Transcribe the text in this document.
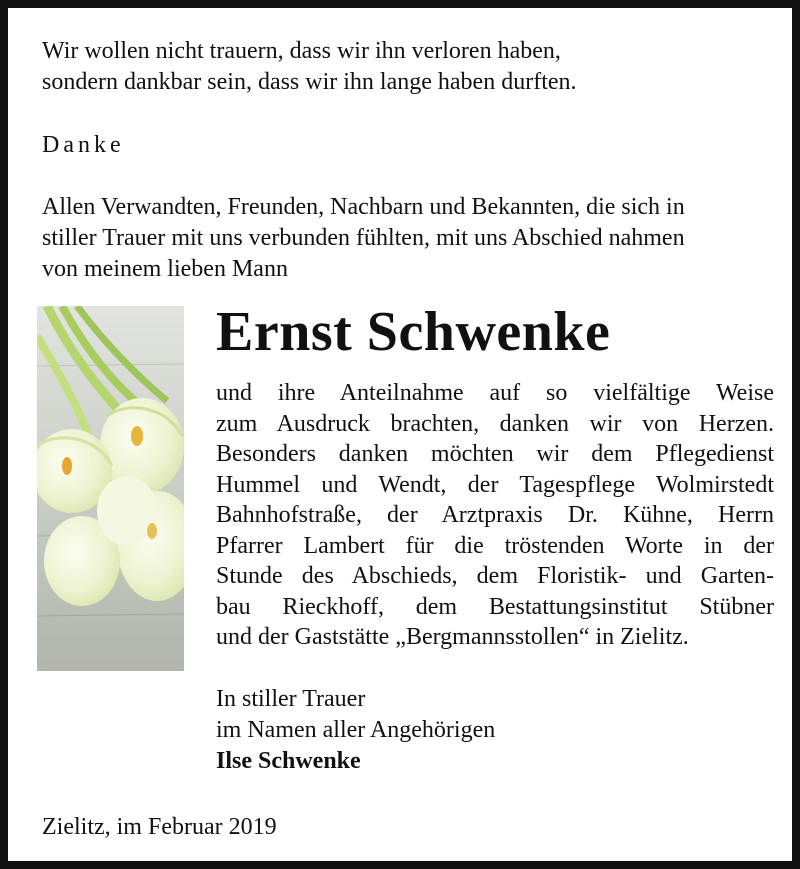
Wir wollen nicht trauern, dass wir ihn verloren haben,
sondern dankbar sein, dass wir ihn lange haben durften.
Danke
Allen Verwandten, Freunden, Nachbarn und Bekannten, die sich in
stiller Trauer mit uns verbunden fühlten, mit uns Abschied nahmen
von meinem lieben Mann
Ernst Schwenke
und ihre Anteilnahme auf so vielfältige Weise
zum Ausdruck brachten, danken wir von Herzen.
Besonders danken möchten wir dem Pflegedienst
Hummel und Wendt, der Tagespflege Wolmirstedt
Bahnhofstraße, der Arztpraxis Dr. Kühne, Herrn
Pfarrer Lambert für die tröstenden Worte in der
Stunde des Abschieds, dem Floristik- und Garten-
bau Rieckhoff, dem Bestattungsinstitut Stübner
und der Gaststätte „Bergmannsstollen“ in Zielitz.
In stiller Trauer
im Namen aller Angehörigen
Ilse Schwenke
Zielitz, im Februar 2019
